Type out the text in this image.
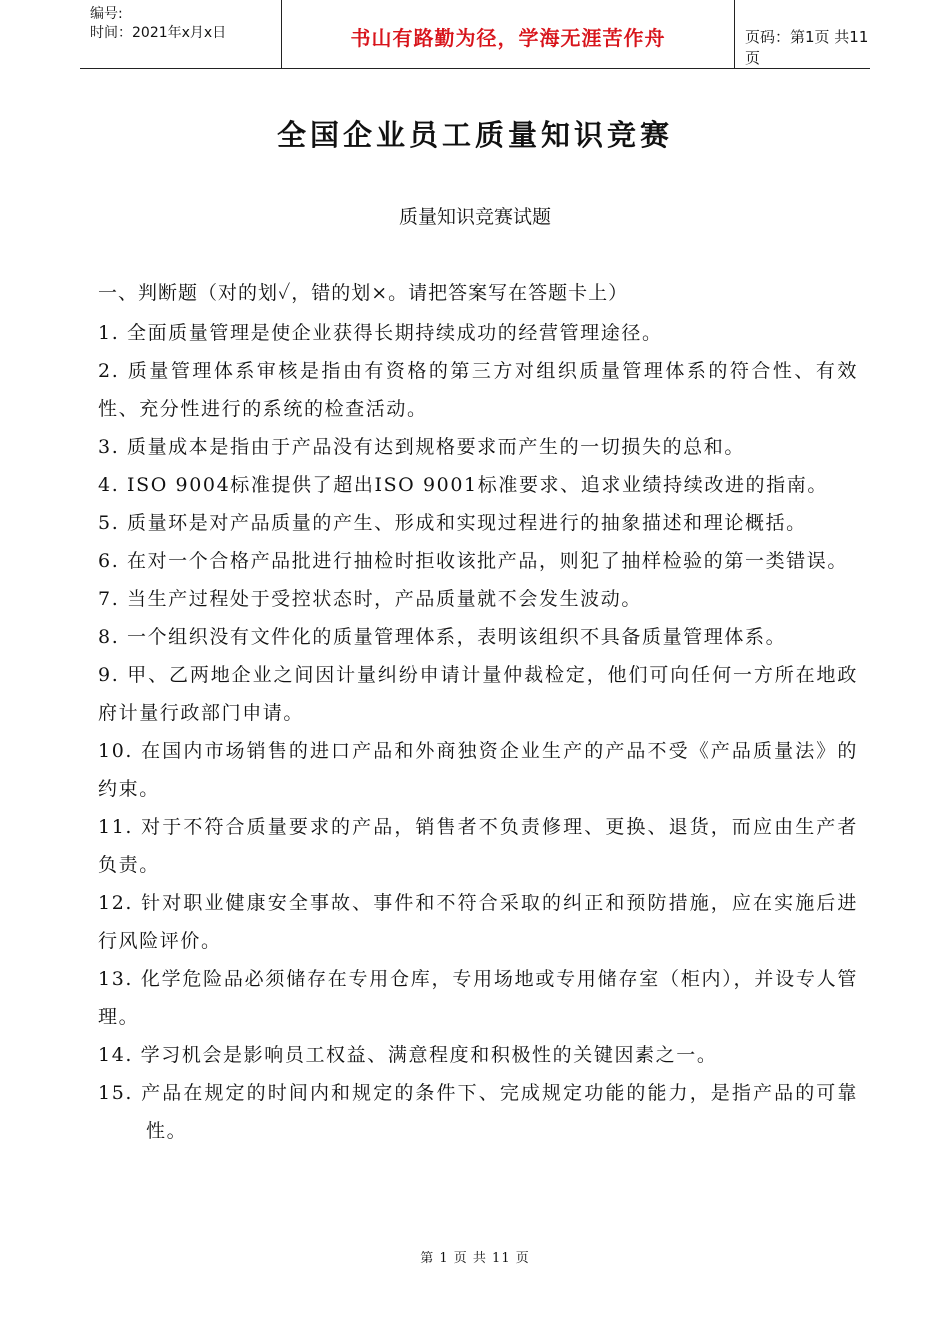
编号:
时间：2021年x月x日	书山有路勤为径，学海无涯苦作舟	页码：第1页 共11页
全国企业员工质量知识竞赛
质量知识竞赛试题
一、判断题（对的划✓，错的划×。请把答案写在答题卡上）

1. 全面质量管理是使企业获得长期持续成功的经营管理途径。

2. 质量管理体系审核是指由有资格的第三方对组织质量管理体系的符合性、有效性、充分性进行的系统的检查活动。

3. 质量成本是指由于产品没有达到规格要求而产生的一切损失的总和。

4. ISO 9004标准提供了超出ISO 9001标准要求、追求业绩持续改进的指南。

5. 质量环是对产品质量的产生、形成和实现过程进行的抽象描述和理论概括。

6. 在对一个合格产品批进行抽检时拒收该批产品，则犯了抽样检验的第一类错误。

7. 当生产过程处于受控状态时，产品质量就不会发生波动。

8. 一个组织没有文件化的质量管理体系，表明该组织不具备质量管理体系。

9. 甲、乙两地企业之间因计量纠纷申请计量仲裁检定，他们可向任何一方所在地政府计量行政部门申请。

10. 在国内市场销售的进口产品和外商独资企业生产的产品不受《产品质量法》的约束。

11. 对于不符合质量要求的产品，销售者不负责修理、更换、退货，而应由生产者负责。

12. 针对职业健康安全事故、事件和不符合采取的纠正和预防措施，应在实施后进行风险评价。

13. 化学危险品必须储存在专用仓库，专用场地或专用储存室（柜内），并设专人管理。

14. 学习机会是影响员工权益、满意程度和积极性的关键因素之一。

15. 产品在规定的时间内和规定的条件下、完成规定功能的能力，是指产品的可靠性。

第 1 页 共 11 页
